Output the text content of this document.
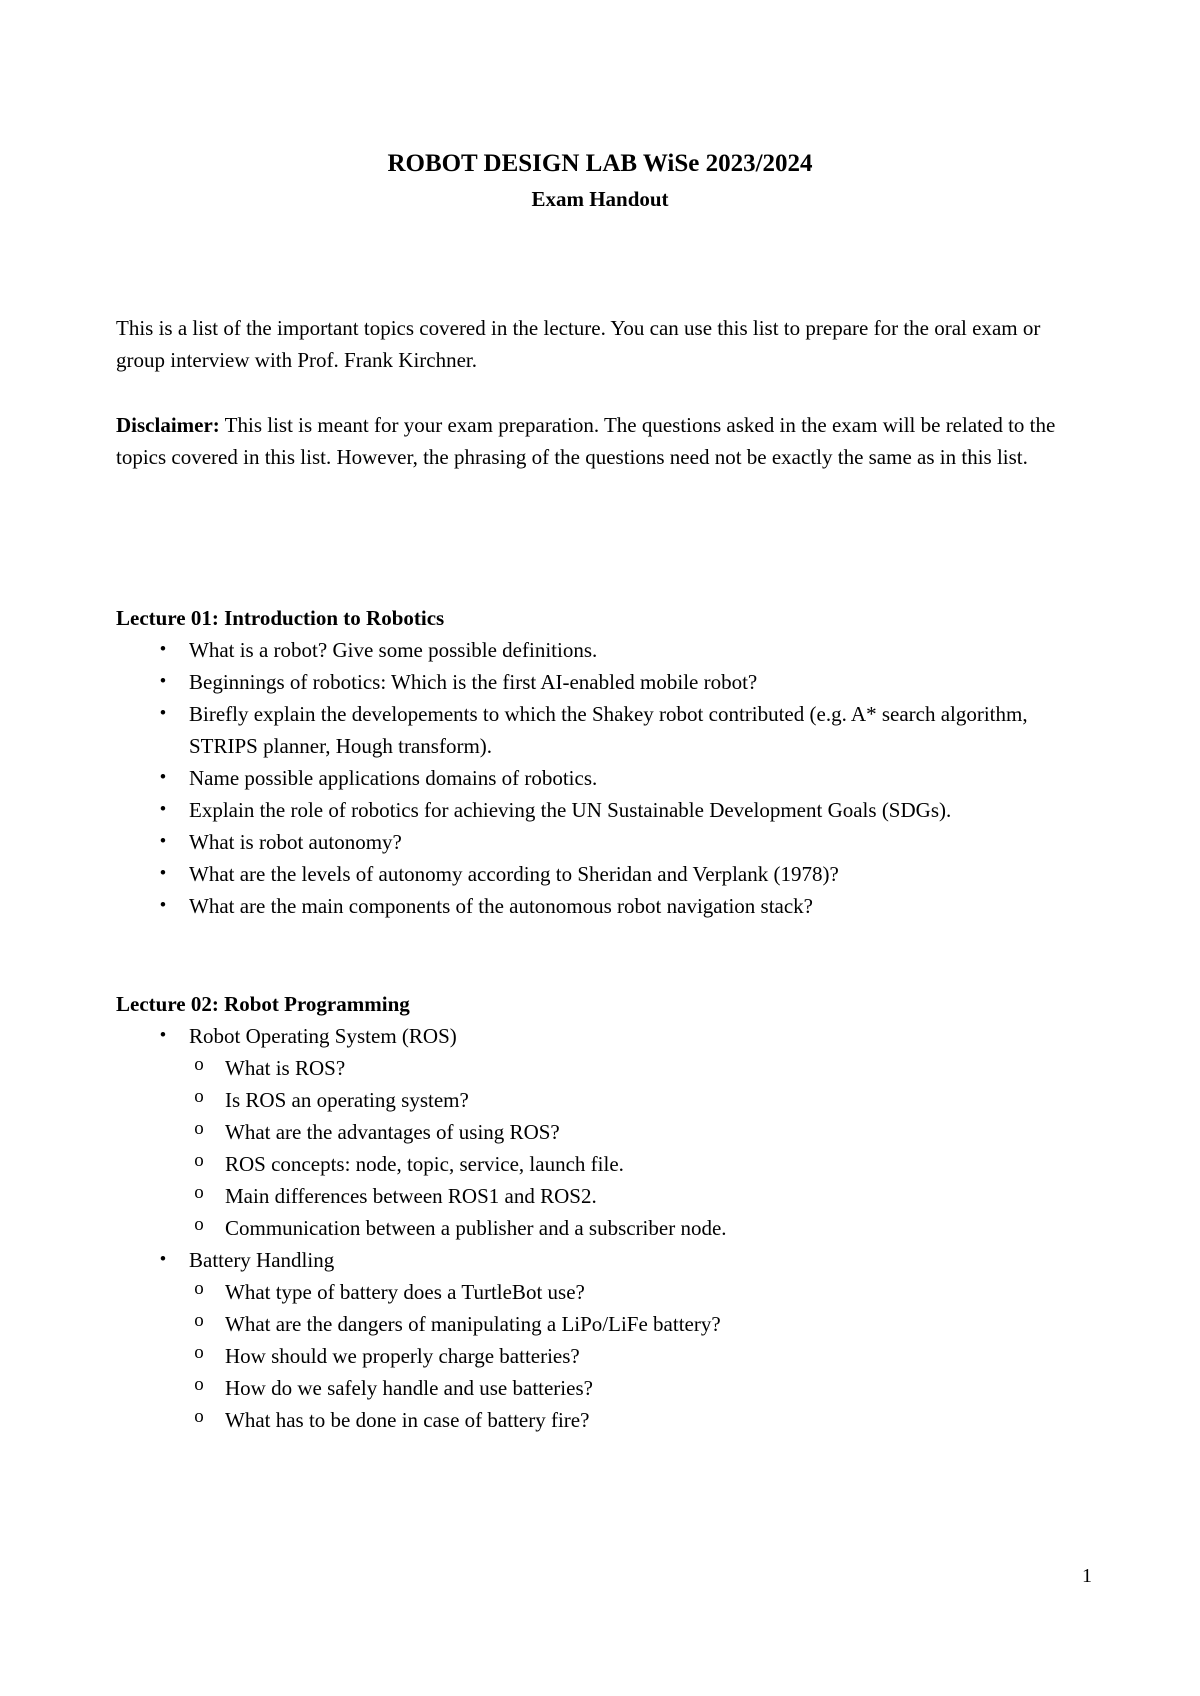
ROBOT DESIGN LAB WiSe 2023/2024
Exam Handout
This is a list of the important topics covered in the lecture. You can use this list to prepare for the oral exam or group interview with Prof. Frank Kirchner.
Disclaimer: This list is meant for your exam preparation. The questions asked in the exam will be related to the topics covered in this list. However, the phrasing of the questions need not be exactly the same as in this list.
Lecture 01: Introduction to Robotics
• What is a robot? Give some possible definitions.
• Beginnings of robotics: Which is the first AI-enabled mobile robot?
• Birefly explain the developements to which the Shakey robot contributed (e.g. A* search algorithm, STRIPS planner, Hough transform).
• Name possible applications domains of robotics.
• Explain the role of robotics for achieving the UN Sustainable Development Goals (SDGs).
• What is robot autonomy?
• What are the levels of autonomy according to Sheridan and Verplank (1978)?
• What are the main components of the autonomous robot navigation stack?
Lecture 02: Robot Programming
• Robot Operating System (ROS)
o What is ROS?
o Is ROS an operating system?
o What are the advantages of using ROS?
o ROS concepts: node, topic, service, launch file.
o Main differences between ROS1 and ROS2.
o Communication between a publisher and a subscriber node.
• Battery Handling
o What type of battery does a TurtleBot use?
o What are the dangers of manipulating a LiPo/LiFe battery?
o How should we properly charge batteries?
o How do we safely handle and use batteries?
o What has to be done in case of battery fire?
1
